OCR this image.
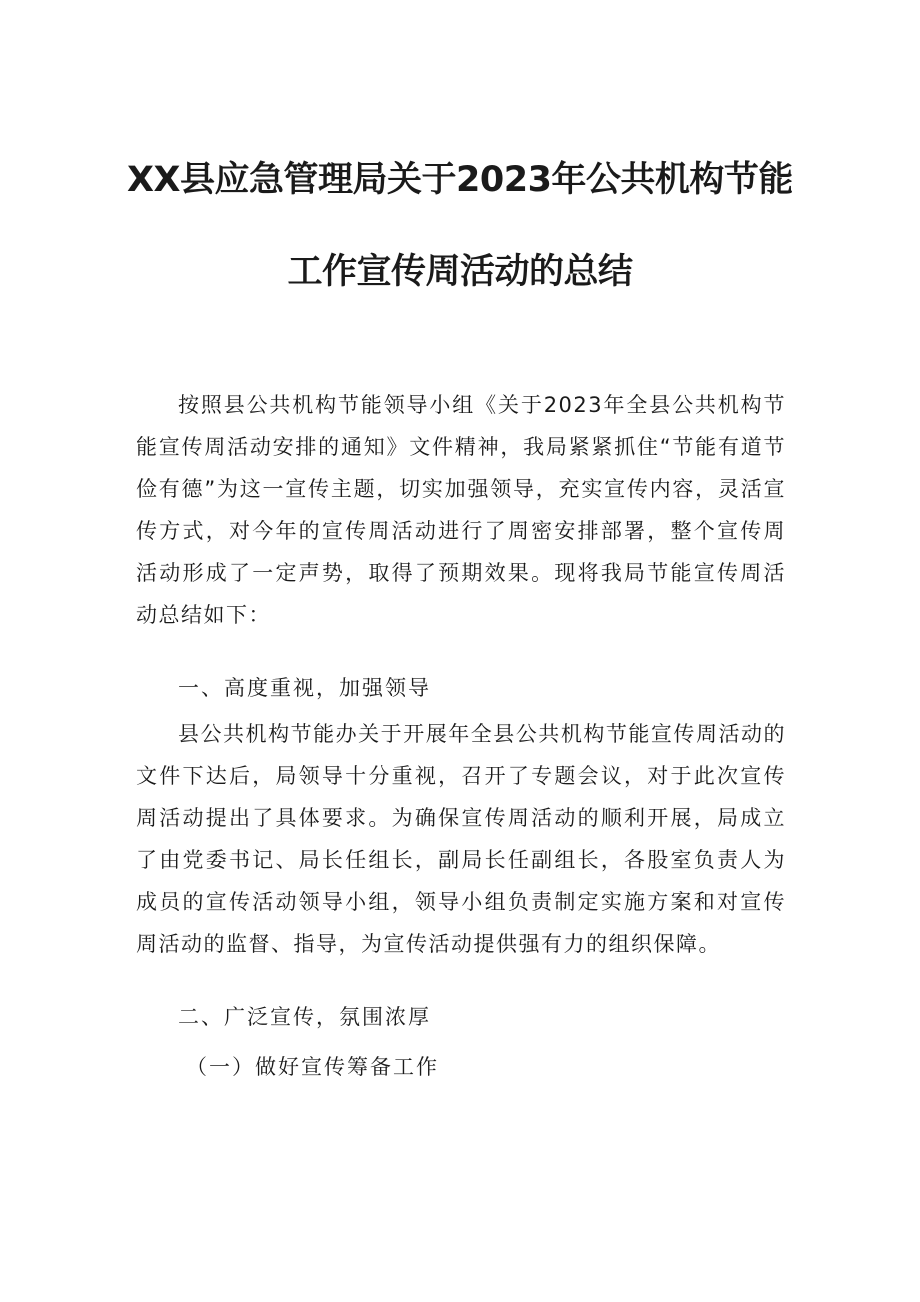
XX县应急管理局关于2023年公共机构节能
工作宣传周活动的总结

按照县公共机构节能领导小组《关于2023年全县公共机构节能宣传周活动安排的通知》文件精神，我局紧紧抓住“节能有道节俭有德”为这一宣传主题，切实加强领导，充实宣传内容，灵活宣传方式，对今年的宣传周活动进行了周密安排部署，整个宣传周活动形成了一定声势，取得了预期效果。现将我局节能宣传周活动总结如下：

一、高度重视，加强领导

县公共机构节能办关于开展年全县公共机构节能宣传周活动的文件下达后，局领导十分重视，召开了专题会议，对于此次宣传周活动提出了具体要求。为确保宣传周活动的顺利开展，局成立了由党委书记、局长任组长，副局长任副组长，各股室负责人为成员的宣传活动领导小组，领导小组负责制定实施方案和对宣传周活动的监督、指导，为宣传活动提供强有力的组织保障。

二、广泛宣传，氛围浓厚

（一）做好宣传筹备工作
